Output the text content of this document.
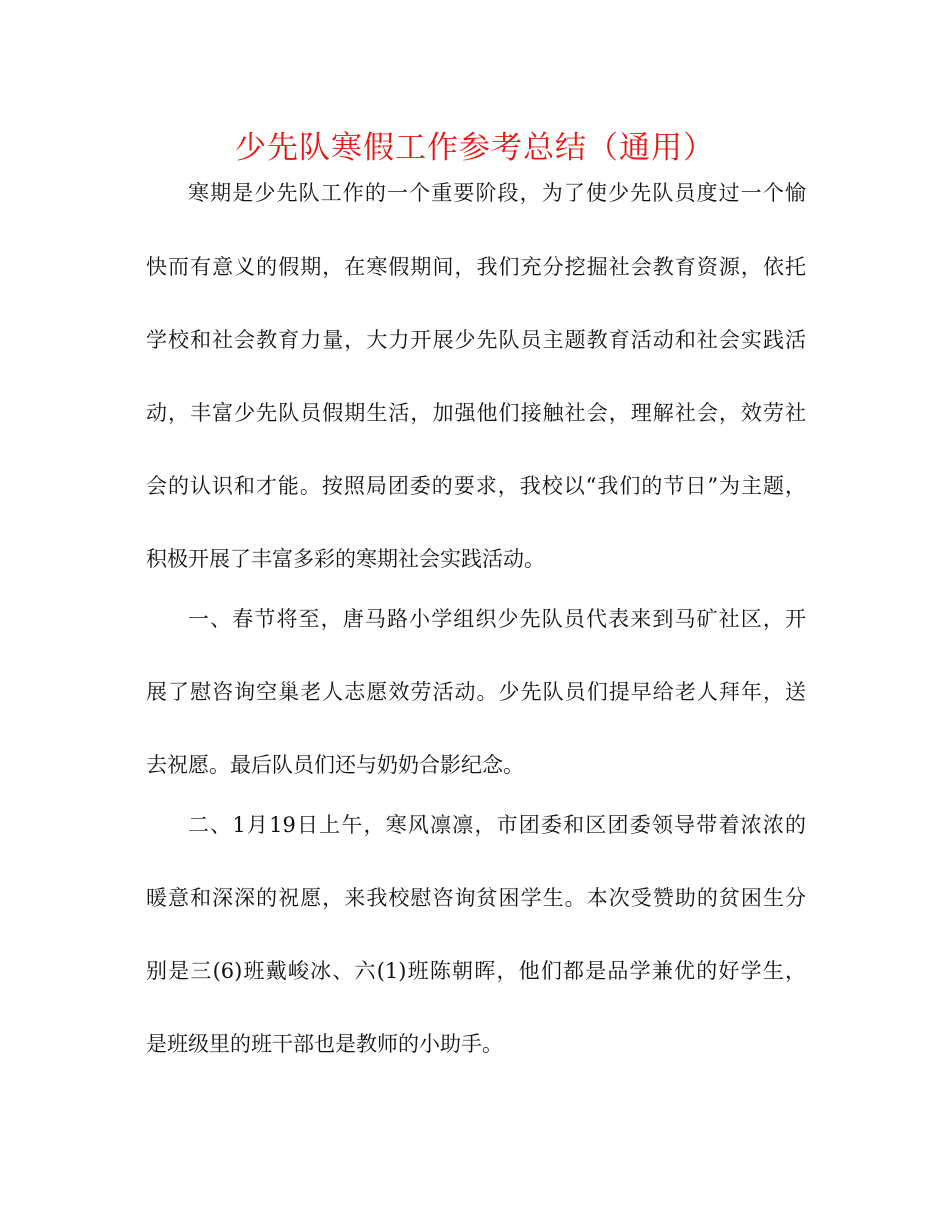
少先队寒假工作参考总结（通用）
寒期是少先队工作的一个重要阶段，为了使少先队员度过一个愉
快而有意义的假期，在寒假期间，我们充分挖掘社会教育资源，依托
学校和社会教育力量，大力开展少先队员主题教育活动和社会实践活
动，丰富少先队员假期生活，加强他们接触社会，理解社会，效劳社
会的认识和才能。按照局团委的要求，我校以“我们的节日”为主题，
积极开展了丰富多彩的寒期社会实践活动。
一、春节将至，唐马路小学组织少先队员代表来到马矿社区，开
展了慰咨询空巢老人志愿效劳活动。少先队员们提早给老人拜年，送
去祝愿。最后队员们还与奶奶合影纪念。
二、1月19日上午，寒风凛凛，市团委和区团委领导带着浓浓的
暖意和深深的祝愿，来我校慰咨询贫困学生。本次受赞助的贫困生分
别是三(6)班戴峻冰、六(1)班陈朝晖，他们都是品学兼优的好学生，
是班级里的班干部也是教师的小助手。
